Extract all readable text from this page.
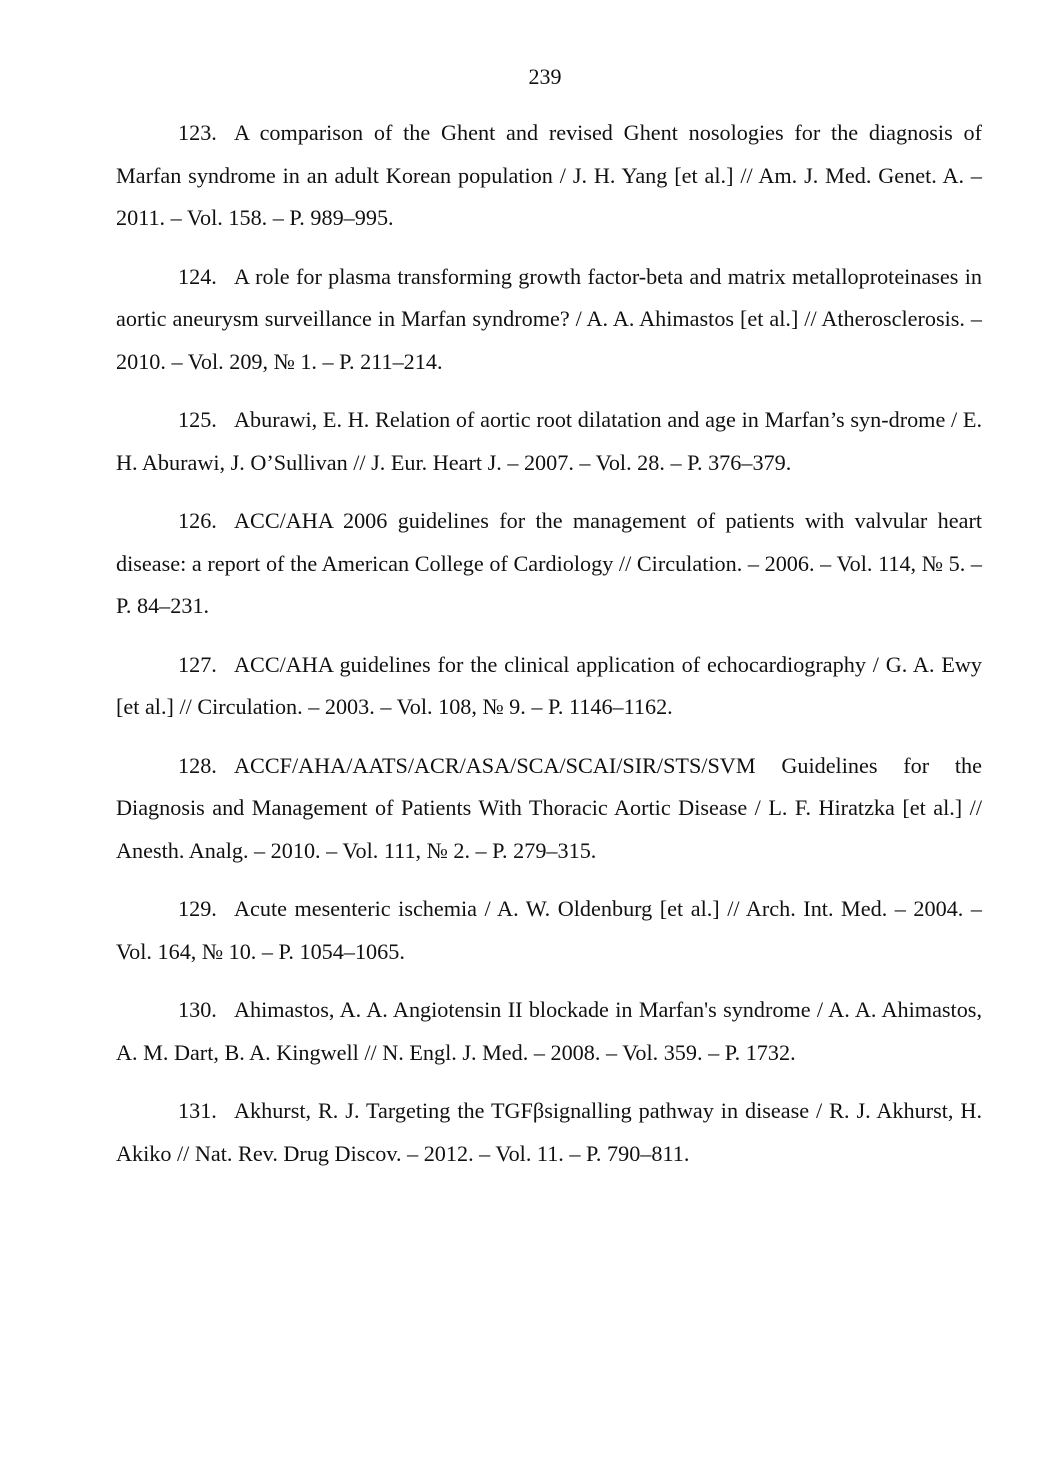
239

123. A comparison of the Ghent and revised Ghent nosologies for the diagnosis of Marfan syndrome in an adult Korean population / J. H. Yang [et al.] // Am. J. Med. Genet. A. – 2011. – Vol. 158. – P. 989–995.

124. A role for plasma transforming growth factor-beta and matrix metalloproteinases in aortic aneurysm surveillance in Marfan syndrome? / A. A. Ahimastos [et al.] // Atherosclerosis. – 2010. – Vol. 209, № 1. – P. 211–214.

125. Aburawi, E. H. Relation of aortic root dilatation and age in Marfan’s syn-drome / E. H. Aburawi, J. O’Sullivan // J. Eur. Heart J. – 2007. – Vol. 28. – P. 376–379.

126. ACC/AHA 2006 guidelines for the management of patients with valvular heart disease: a report of the American College of Cardiology // Circulation. – 2006. – Vol. 114, № 5. – P. 84–231.

127. ACC/AHA guidelines for the clinical application of echocardiography / G. A. Ewy [et al.] // Circulation. – 2003. – Vol. 108, № 9. – P. 1146–1162.

128. ACCF/AHA/AATS/ACR/ASA/SCA/SCAI/SIR/STS/SVM Guidelines for the Diagnosis and Management of Patients With Thoracic Aortic Disease / L. F. Hiratzka [et al.] // Anesth. Analg. – 2010. – Vol. 111, № 2. – P. 279–315.

129. Acute mesenteric ischemia / A. W. Oldenburg [et al.] // Arch. Int. Med. – 2004. – Vol. 164, № 10. – P. 1054–1065.

130. Ahimastos, A. A. Angiotensin II blockade in Marfan's syndrome / A. A. Ahimastos, A. M. Dart, B. A. Kingwell // N. Engl. J. Med. – 2008. – Vol. 359. – P. 1732.

131. Akhurst, R. J. Targeting the TGFβsignalling pathway in disease / R. J. Akhurst, H. Akiko // Nat. Rev. Drug Discov. – 2012. – Vol. 11. – P. 790–811.
